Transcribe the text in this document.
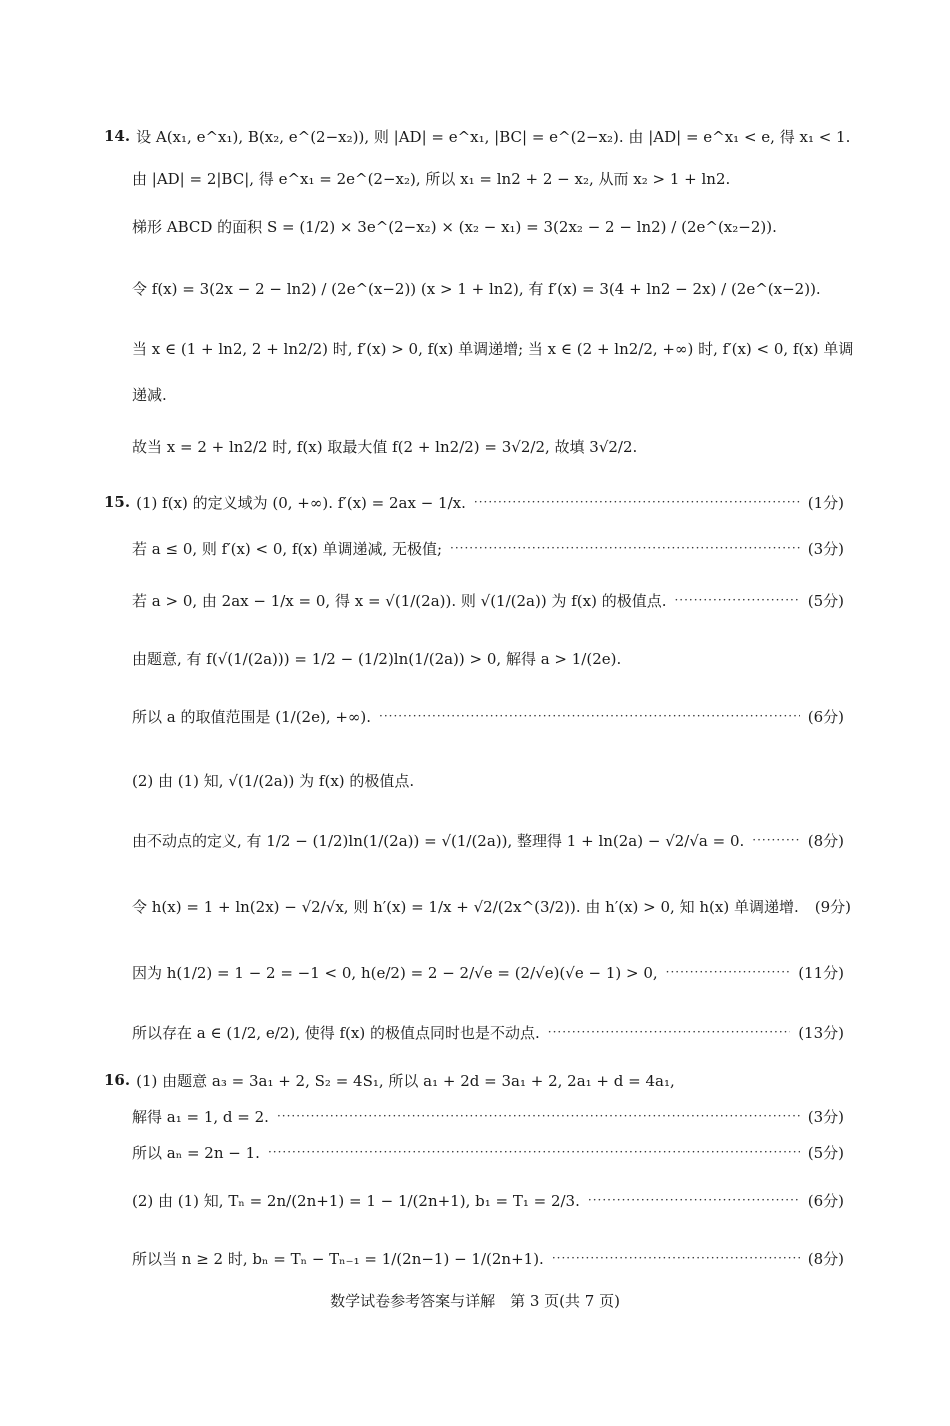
14. 设 A(x₁, e^x₁), B(x₂, e^(2−x₂)), 则 |AD| = e^x₁, |BC| = e^(2−x₂). 由 |AD| = e^x₁ < e, 得 x₁ < 1.
由 |AD| = 2|BC|, 得 e^x₁ = 2e^(2−x₂), 所以 x₁ = ln2 + 2 − x₂, 从而 x₂ > 1 + ln2.
梯形 ABCD 的面积 S = (1/2) × 3e^(2−x₂) × (x₂ − x₁) = 3(2x₂ − 2 − ln2) / (2e^(x₂−2)).
令 f(x) = 3(2x − 2 − ln2) / (2e^(x−2)) (x > 1 + ln2), 有 f′(x) = 3(4 + ln2 − 2x) / (2e^(x−2)).
当 x ∈ (1 + ln2, 2 + ln2/2) 时, f′(x) > 0, f(x) 单调递增; 当 x ∈ (2 + ln2/2, +∞) 时, f′(x) < 0, f(x) 单调
递减.
故当 x = 2 + ln2/2 时, f(x) 取最大值 f(2 + ln2/2) = 3√2/2, 故填 3√2/2.
15. (1) f(x) 的定义域为 (0, +∞). f′(x) = 2ax − 1/x. ·····	(1分)
若 a ≤ 0, 则 f′(x) < 0, f(x) 单调递减, 无极值; ·····	(3分)
若 a > 0, 由 2ax − 1/x = 0, 得 x = √(1/(2a)). 则 √(1/(2a)) 为 f(x) 的极值点. ·····	(5分)
由题意, 有 f(√(1/(2a))) = 1/2 − (1/2)ln(1/(2a)) > 0, 解得 a > 1/(2e).
所以 a 的取值范围是 (1/(2e), +∞). ·····	(6分)
(2) 由 (1) 知, √(1/(2a)) 为 f(x) 的极值点.
由不动点的定义, 有 1/2 − (1/2)ln(1/(2a)) = √(1/(2a)), 整理得 1 + ln(2a) − √2/√a = 0. ·····	(8分)
令 h(x) = 1 + ln(2x) − √2/√x, 则 h′(x) = 1/x + √2/(2x^(3/2)). 由 h′(x) > 0, 知 h(x) 单调递增. (9分)
因为 h(1/2) = 1 − 2 = −1 < 0, h(e/2) = 2 − 2/√e = (2/√e)(√e − 1) > 0, ·····	(11分)
所以存在 a ∈ (1/2, e/2), 使得 f(x) 的极值点同时也是不动点. ·····	(13分)
16. (1) 由题意 a₃ = 3a₁ + 2, S₂ = 4S₁, 所以 a₁ + 2d = 3a₁ + 2, 2a₁ + d = 4a₁,
解得 a₁ = 1, d = 2. ·····	(3分)
所以 aₙ = 2n − 1. ·····	(5分)
(2) 由 (1) 知, Tₙ = 2n/(2n+1) = 1 − 1/(2n+1), b₁ = T₁ = 2/3. ·····	(6分)
所以当 n ≥ 2 时, bₙ = Tₙ − Tₙ₋₁ = 1/(2n−1) − 1/(2n+1). ·····	(8分)
数学试卷参考答案与详解　第 3 页(共 7 页)
